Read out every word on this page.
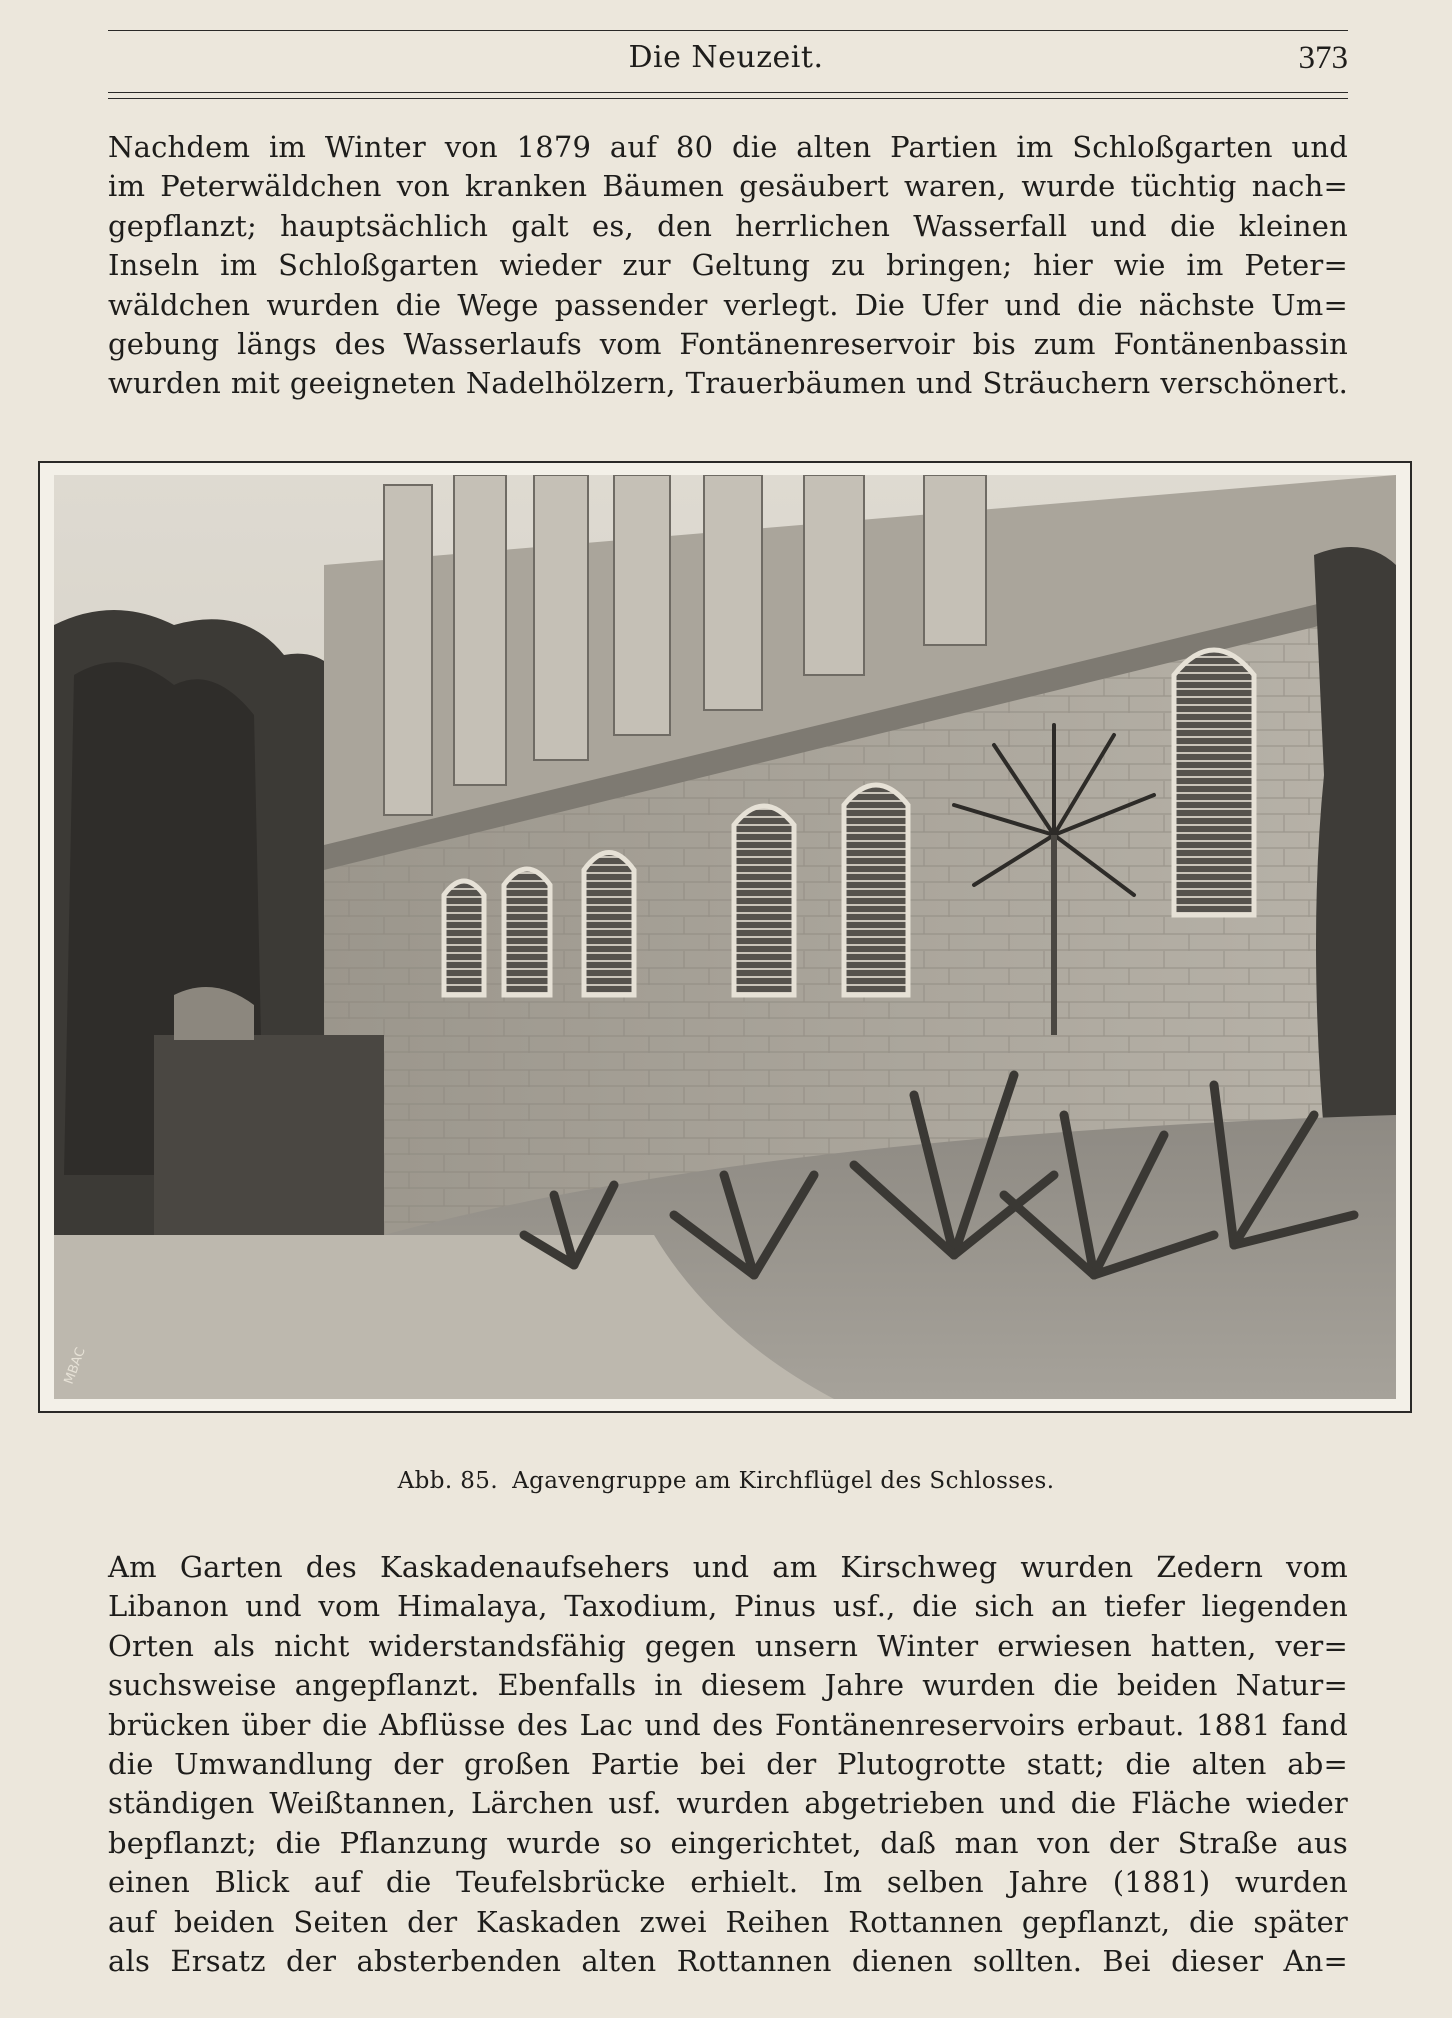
Die Neuzeit.	373
Nachdem im Winter von 1879 auf 80 die alten Partien im Schloßgarten und
im Peterwäldchen von kranken Bäumen gesäubert waren, wurde tüchtig nach=
gepflanzt; hauptsächlich galt es, den herrlichen Wasserfall und die kleinen
Inseln im Schloßgarten wieder zur Geltung zu bringen; hier wie im Peter=
wäldchen wurden die Wege passender verlegt. Die Ufer und die nächste Um=
gebung längs des Wasserlaufs vom Fontänenreservoir bis zum Fontänenbassin
wurden mit geeigneten Nadelhölzern, Trauerbäumen und Sträuchern verschönert.
MBAC
Abb. 85. Agavengruppe am Kirchflügel des Schlosses.
Am Garten des Kaskadenaufsehers und am Kirschweg wurden Zedern vom
Libanon und vom Himalaya, Taxodium, Pinus usf., die sich an tiefer liegenden
Orten als nicht widerstandsfähig gegen unsern Winter erwiesen hatten, ver=
suchsweise angepflanzt. Ebenfalls in diesem Jahre wurden die beiden Natur=
brücken über die Abflüsse des Lac und des Fontänenreservoirs erbaut. 1881 fand
die Umwandlung der großen Partie bei der Plutogrotte statt; die alten ab=
ständigen Weißtannen, Lärchen usf. wurden abgetrieben und die Fläche wieder
bepflanzt; die Pflanzung wurde so eingerichtet, daß man von der Straße aus
einen Blick auf die Teufelsbrücke erhielt. Im selben Jahre (1881) wurden
auf beiden Seiten der Kaskaden zwei Reihen Rottannen gepflanzt, die später
als Ersatz der absterbenden alten Rottannen dienen sollten. Bei dieser An=
